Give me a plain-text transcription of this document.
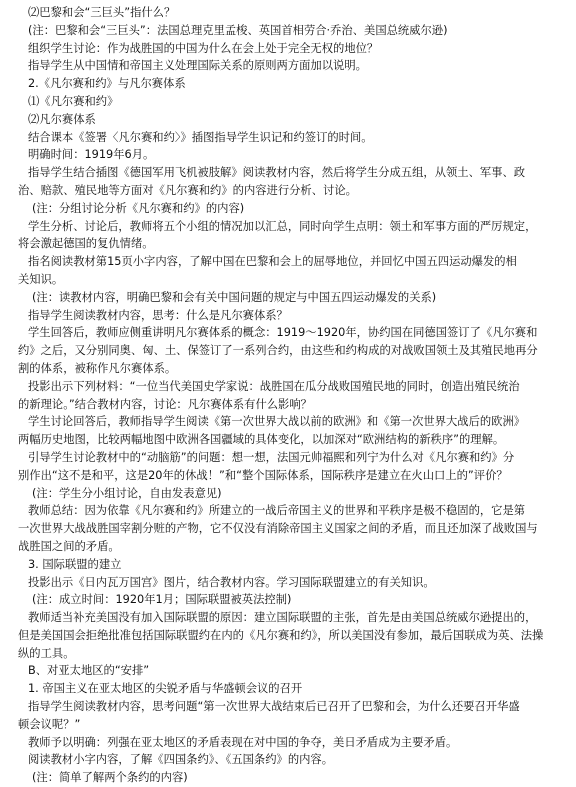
⑵巴黎和会“三巨头”指什么？
(注：巴黎和会“三巨头”：法国总理克里孟梭、英国首相劳合·乔治、美国总统威尔逊)
组织学生讨论：作为战胜国的中国为什么在会上处于完全无权的地位？
指导学生从中国情和帝国主义处理国际关系的原则两方面加以说明。
2.《凡尔赛和约》与凡尔赛体系
⑴《凡尔赛和约》
⑵凡尔赛体系
结合课本《签署〈凡尔赛和约〉》插图指导学生识记和约签订的时间。
明确时间：1919年6月。
指导学生结合插图《德国军用飞机被肢解》阅读教材内容，然后将学生分成五组，从领土、军事、政
治、赔款、殖民地等方面对《凡尔赛和约》的内容进行分析、讨论。
(注：分组讨论分析《凡尔赛和约》的内容)
学生分析、讨论后，教师将五个小组的情况加以汇总，同时向学生点明：领土和军事方面的严厉规定，
将会激起德国的复仇情绪。
指名阅读教材第15页小字内容，了解中国在巴黎和会上的屈辱地位，并回忆中国五四运动爆发的相
关知识。
(注：读教材内容，明确巴黎和会有关中国问题的规定与中国五四运动爆发的关系)
指导学生阅读教材内容，思考：什么是凡尔赛体系？
学生回答后，教师应侧重讲明凡尔赛体系的概念：1919～1920年，协约国在同德国签订了《凡尔赛和
约》之后，又分别同奥、匈、土、保签订了一系列合约，由这些和约构成的对战败国领土及其殖民地再分
割的体系，被称作凡尔赛体系。
投影出示下列材料：“一位当代美国史学家说：战胜国在瓜分战败国殖民地的同时，创造出殖民统治
的新理论。”结合教材内容，讨论：凡尔赛体系有什么影响？
学生讨论回答后，教师指导学生阅读《第一次世界大战以前的欧洲》和《第一次世界大战后的欧洲》
两幅历史地图，比较两幅地图中欧洲各国疆域的具体变化，以加深对“欧洲结构的新秩序”的理解。
引导学生讨论教材中的“动脑筋”的问题：想一想，法国元帅福熙和列宁为什么对《凡尔赛和约》分
别作出“这不是和平，这是20年的休战！”和“整个国际体系，国际秩序是建立在火山口上的”评价？
(注：学生分小组讨论，自由发表意见)
教师总结：因为依靠《凡尔赛和约》所建立的一战后帝国主义的世界和平秩序是极不稳固的，它是第
一次世界大战战胜国宰割分赃的产物，它不仅没有消除帝国主义国家之间的矛盾，而且还加深了战败国与
战胜国之间的矛盾。
3. 国际联盟的建立
投影出示《日内瓦万国宫》图片，结合教材内容。学习国际联盟建立的有关知识。
(注：成立时间：1920年1月；国际联盟被英法控制)
教师适当补充美国没有加入国际联盟的原因：建立国际联盟的主张，首先是由美国总统威尔逊提出的，
但是美国国会拒绝批准包括国际联盟约在内的《凡尔赛和约》，所以美国没有参加，最后国联成为英、法操
纵的工具。
B、对亚太地区的“安排”
1. 帝国主义在亚太地区的尖锐矛盾与华盛顿会议的召开
指导学生阅读教材内容，思考问题“第一次世界大战结束后已召开了巴黎和会，为什么还要召开华盛
顿会议呢？”
教师予以明确：列强在亚太地区的矛盾表现在对中国的争夺，美日矛盾成为主要矛盾。
阅读教材小字内容，了解《四国条约》、《五国条约》的内容。
(注：简单了解两个条约的内容)
